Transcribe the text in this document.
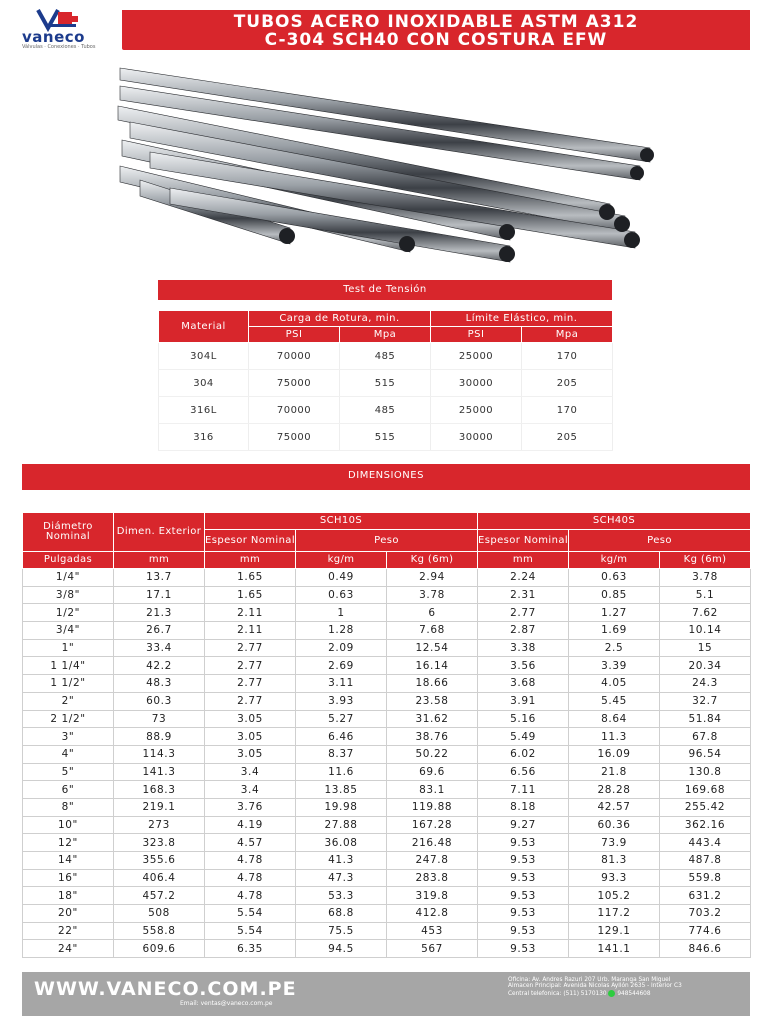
vaneco
Válvulas · Conexiones · Tubos
TUBOS ACERO INOXIDABLE ASTM A312
C-304 SCH40 CON COSTURA EFW
Test de Tensión
Material	Carga de Rotura, min.		Límite Elástico, min.	
	PSI	Mpa	PSI	Mpa
304L	70000	485	25000	170
304	75000	515	30000	205
316L	70000	485	25000	170
316	75000	515	30000	205
DIMENSIONES
Diámetro Nominal	Dimen. Exterior	SCH10S			SCH40S		
		Espesor Nominal	Peso		Espesor Nominal	Peso	
Pulgadas	mm	mm	kg/m	Kg (6m)	mm	kg/m	Kg (6m)
1/4"	13.7	1.65	0.49	2.94	2.24	0.63	3.78
3/8"	17.1	1.65	0.63	3.78	2.31	0.85	5.1
1/2"	21.3	2.11	1	6	2.77	1.27	7.62
3/4"	26.7	2.11	1.28	7.68	2.87	1.69	10.14
1"	33.4	2.77	2.09	12.54	3.38	2.5	15
1 1/4"	42.2	2.77	2.69	16.14	3.56	3.39	20.34
1 1/2"	48.3	2.77	3.11	18.66	3.68	4.05	24.3
2"	60.3	2.77	3.93	23.58	3.91	5.45	32.7
2 1/2"	73	3.05	5.27	31.62	5.16	8.64	51.84
3"	88.9	3.05	6.46	38.76	5.49	11.3	67.8
4"	114.3	3.05	8.37	50.22	6.02	16.09	96.54
5"	141.3	3.4	11.6	69.6	6.56	21.8	130.8
6"	168.3	3.4	13.85	83.1	7.11	28.28	169.68
8"	219.1	3.76	19.98	119.88	8.18	42.57	255.42
10"	273	4.19	27.88	167.28	9.27	60.36	362.16
12"	323.8	4.57	36.08	216.48	9.53	73.9	443.4
14"	355.6	4.78	41.3	247.8	9.53	81.3	487.8
16"	406.4	4.78	47.3	283.8	9.53	93.3	559.8
18"	457.2	4.78	53.3	319.8	9.53	105.2	631.2
20"	508	5.54	68.8	412.8	9.53	117.2	703.2
22"	558.8	5.54	75.5	453	9.53	129.1	774.6
24"	609.6	6.35	94.5	567	9.53	141.1	846.6
WWW.VANECO.COM.PE
Email: ventas@vaneco.com.pe
Oficina: Av. Andres Razuri 207 Urb. Maranga San Miguel
Almacen Principal: Avenida Nicolas Ayllón 2635 - Interior C3
Central telefonica: (511) 5170130 948544608
